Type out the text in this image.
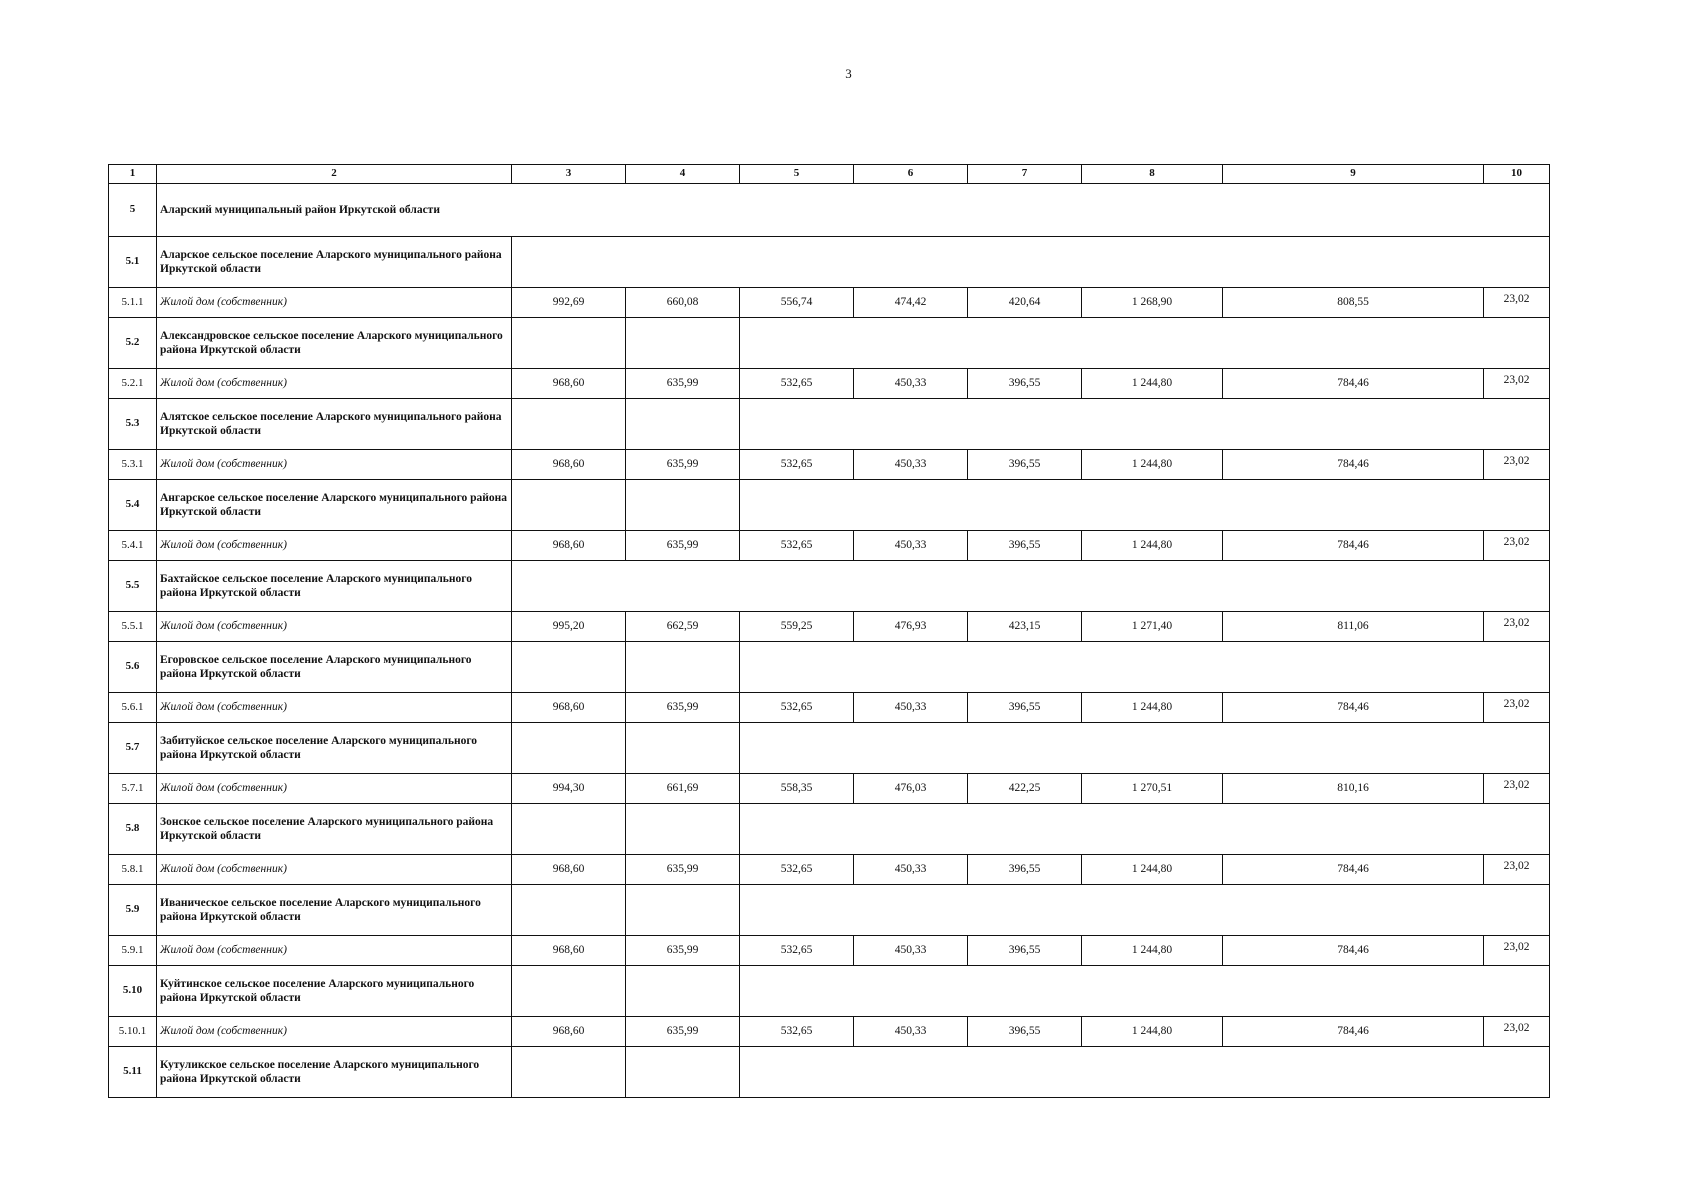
3
1	2	3	4	5	6	7	8	9	10
5	Аларский муниципальный район Иркутской области								
5.1	Аларское сельское поселение Аларского муниципального района Иркутской области								
5.1.1	Жилой дом (собственник)	992,69	660,08	556,74	474,42	420,64	1 268,90	808,55	23,02
5.2	Александровское сельское поселение Аларского муниципального района Иркутской области								
5.2.1	Жилой дом (собственник)	968,60	635,99	532,65	450,33	396,55	1 244,80	784,46	23,02
5.3	Алятское сельское поселение Аларского муниципального района Иркутской области								
5.3.1	Жилой дом (собственник)	968,60	635,99	532,65	450,33	396,55	1 244,80	784,46	23,02
5.4	Ангарское сельское поселение Аларского муниципального района Иркутской области								
5.4.1	Жилой дом (собственник)	968,60	635,99	532,65	450,33	396,55	1 244,80	784,46	23,02
5.5	Бахтайское сельское поселение Аларского муниципального района Иркутской области								
5.5.1	Жилой дом (собственник)	995,20	662,59	559,25	476,93	423,15	1 271,40	811,06	23,02
5.6	Егоровское сельское поселение Аларского муниципального района Иркутской области								
5.6.1	Жилой дом (собственник)	968,60	635,99	532,65	450,33	396,55	1 244,80	784,46	23,02
5.7	Забитуйское сельское поселение Аларского муниципального района Иркутской области								
5.7.1	Жилой дом (собственник)	994,30	661,69	558,35	476,03	422,25	1 270,51	810,16	23,02
5.8	Зонское сельское поселение Аларского муниципального района Иркутской области								
5.8.1	Жилой дом (собственник)	968,60	635,99	532,65	450,33	396,55	1 244,80	784,46	23,02
5.9	Иваническое сельское поселение Аларского муниципального района Иркутской области								
5.9.1	Жилой дом (собственник)	968,60	635,99	532,65	450,33	396,55	1 244,80	784,46	23,02
5.10	Куйтинское сельское поселение Аларского муниципального района Иркутской области								
5.10.1	Жилой дом (собственник)	968,60	635,99	532,65	450,33	396,55	1 244,80	784,46	23,02
5.11	Кутуликское сельское поселение Аларского муниципального района Иркутской области								
